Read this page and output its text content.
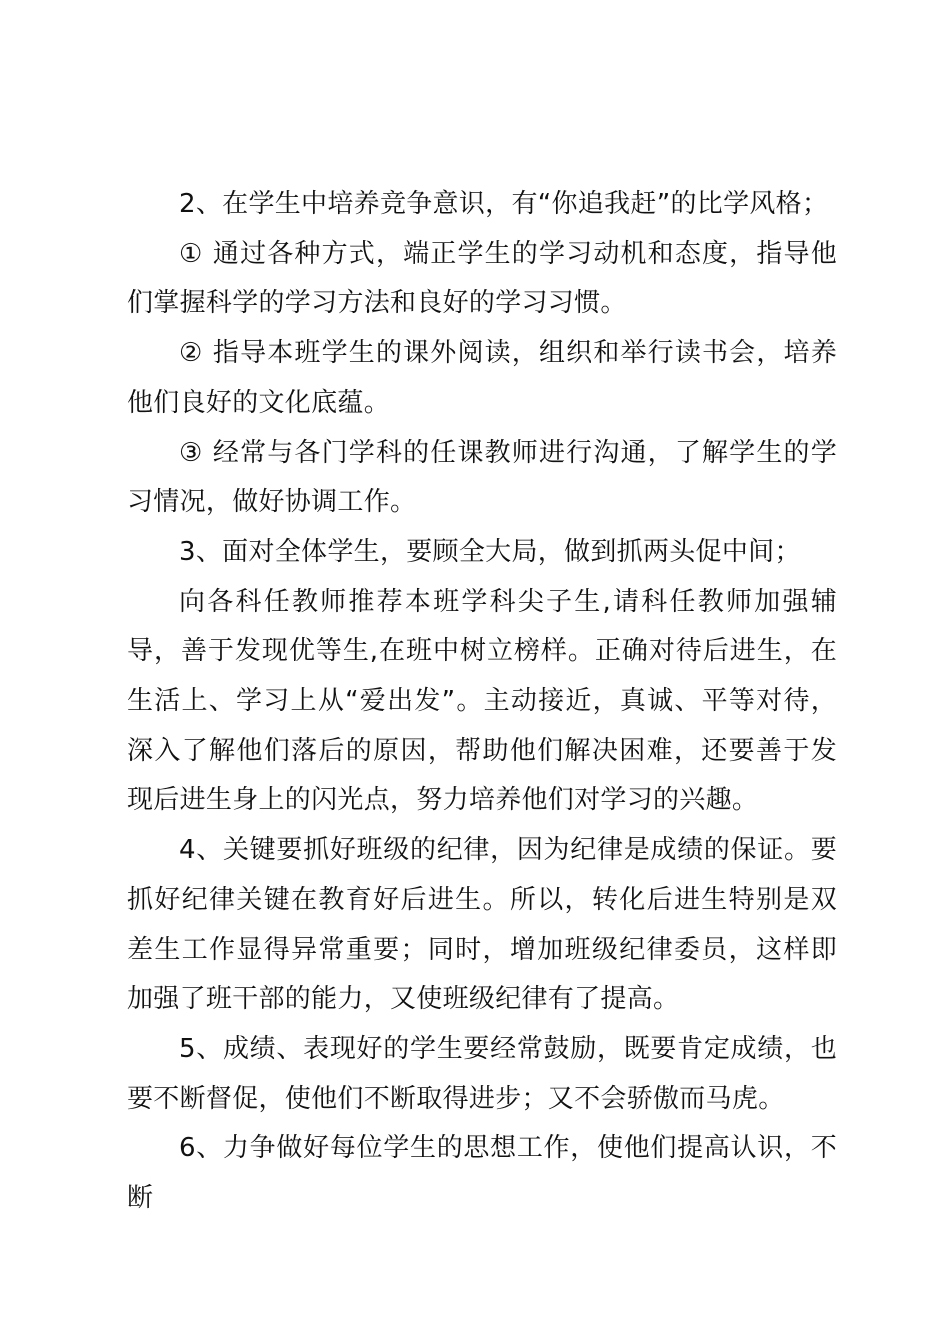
2、在学生中培养竞争意识，有“你追我赶”的比学风格；

① 通过各种方式，端正学生的学习动机和态度，指导他们掌握科学的学习方法和良好的学习习惯。

② 指导本班学生的课外阅读，组织和举行读书会，培养他们良好的文化底蕴。

③ 经常与各门学科的任课教师进行沟通，了解学生的学习情况，做好协调工作。

3、面对全体学生，要顾全大局，做到抓两头促中间；

向各科任教师推荐本班学科尖子生,请科任教师加强辅导，善于发现优等生,在班中树立榜样。正确对待后进生，在生活上、学习上从“爱出发”。主动接近，真诚、平等对待，深入了解他们落后的原因，帮助他们解决困难，还要善于发现后进生身上的闪光点，努力培养他们对学习的兴趣。

4、关键要抓好班级的纪律，因为纪律是成绩的保证。要抓好纪律关键在教育好后进生。所以，转化后进生特别是双差生工作显得异常重要；同时，增加班级纪律委员，这样即加强了班干部的能力，又使班级纪律有了提高。

5、成绩、表现好的学生要经常鼓励，既要肯定成绩，也要不断督促，使他们不断取得进步；又不会骄傲而马虎。

6、力争做好每位学生的思想工作，使他们提高认识，不断
